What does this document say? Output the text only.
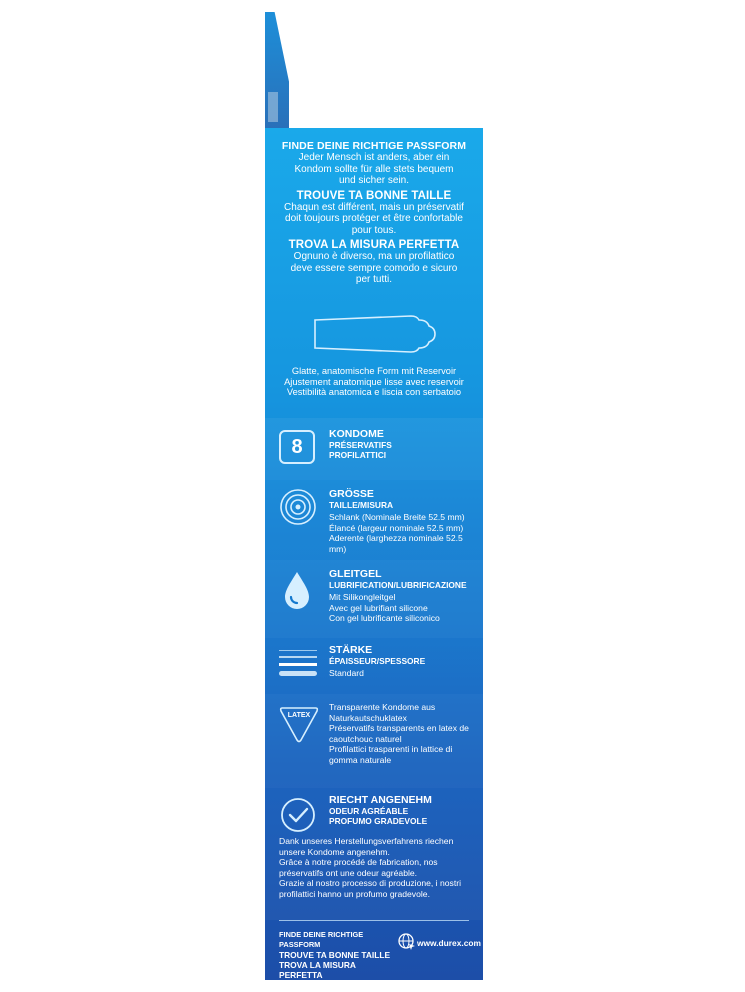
FINDE DEINE RICHTIGE PASSFORM
Jeder Mensch ist anders, aber ein Kondom sollte für alle stets bequem und sicher sein.
TROUVE TA BONNE TAILLE
Chaqun est différent, mais un préservatif doit toujours protéger et être confortable pour tous.
TROVA LA MISURA PERFETTA
Ognuno è diverso, ma un profilattico deve essere sempre comodo e sicuro per tutti.
Glatte, anatomische Form mit Reservoir
Ajustement anatomique lisse avec reservoir
Vestibilità anatomica e liscia con serbatoio
8
KONDOME
PRÉSERVATIFS
PROFILATTICI
GRÖSSE
TAILLE/MISURA
Schlank (Nominale Breite 52.5 mm)
Élancé (largeur nominale 52.5 mm)
Aderente (larghezza nominale 52.5 mm)
GLEITGEL
LUBRIFICATION/LUBRIFICAZIONE
Mit Silikongleitgel
Avec gel lubrifiant silicone
Con gel lubrificante siliconico
STÄRKE
ÉPAISSEUR/SPESSORE
Standard
LATEX
Transparente Kondome aus Naturkautschuklatex
Préservatifs transparents en latex de caoutchouc naturel
Profilattici trasparenti in lattice di gomma naturale
RIECHT ANGENEHM
ODEUR AGRÉABLE
PROFUMO GRADEVOLE
Dank unseres Herstellungsverfahrens riechen unsere Kondome angenehm.
Grâce à notre procédé de fabrication, nos préservatifs ont une odeur agréable.
Grazie al nostro processo di produzione, i nostri profilattici hanno un profumo gradevole.
FINDE DEINE RICHTIGE PASSFORM
TROUVE TA BONNE TAILLE
TROVA LA MISURA PERFETTA
www.durex.com
